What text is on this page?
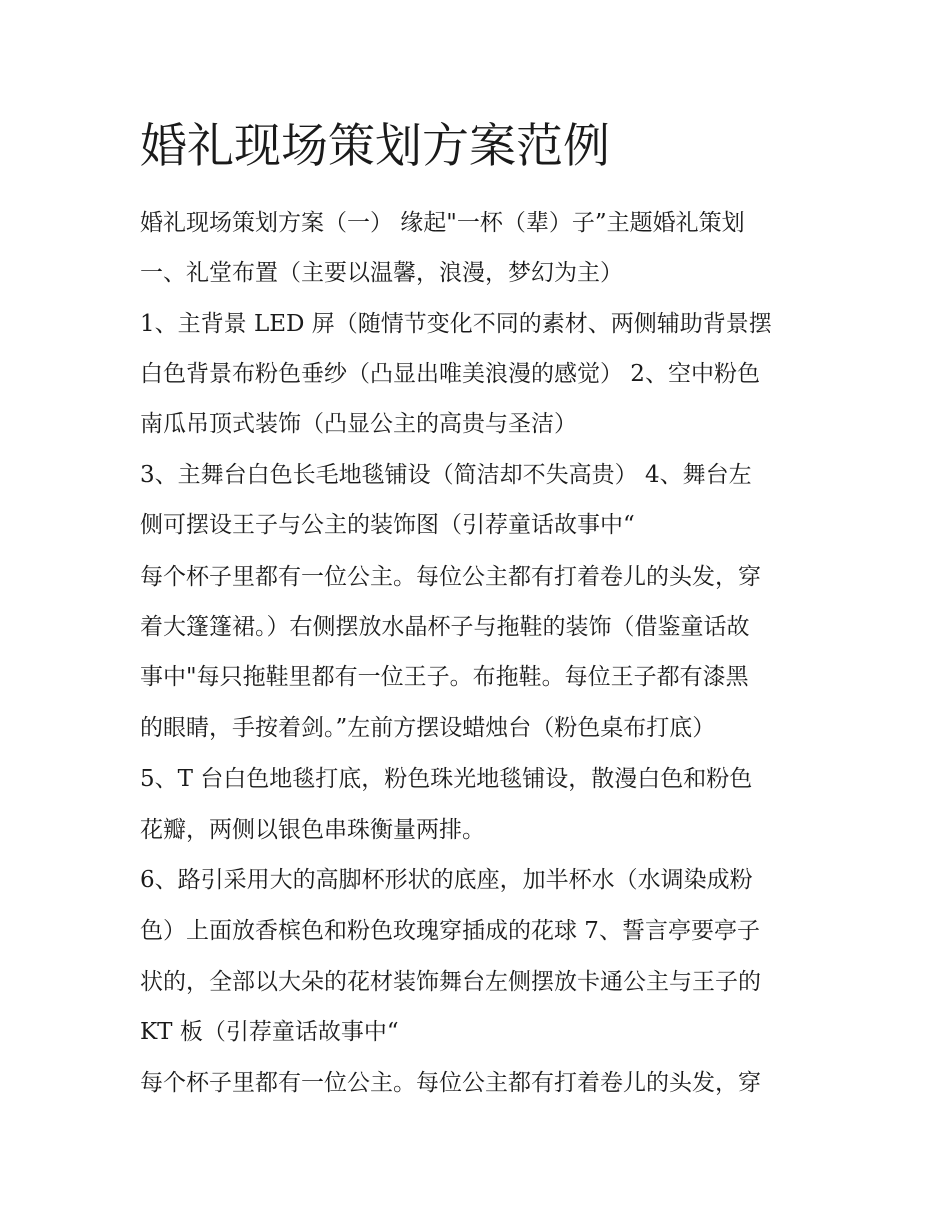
婚礼现场策划方案范例

婚礼现场策划方案（一） 缘起"一杯（辈）子”主题婚礼策划

一、礼堂布置（主要以温馨，浪漫，梦幻为主）

1、主背景 LED 屏（随情节变化不同的素材、两侧辅助背景摆

白色背景布粉色垂纱（凸显出唯美浪漫的感觉） 2、空中粉色

南瓜吊顶式装饰（凸显公主的高贵与圣洁）

3、主舞台白色长毛地毯铺设（简洁却不失高贵） 4、舞台左

侧可摆设王子与公主的装饰图（引荐童话故事中“

每个杯子里都有一位公主。每位公主都有打着卷儿的头发，穿

着大篷篷裙。）右侧摆放水晶杯子与拖鞋的装饰（借鉴童话故

事中"每只拖鞋里都有一位王子。布拖鞋。每位王子都有漆黑

的眼睛，手按着剑。”左前方摆设蜡烛台（粉色桌布打底）

5、T 台白色地毯打底，粉色珠光地毯铺设，散漫白色和粉色

花瓣，两侧以银色串珠衡量两排。

6、路引采用大的高脚杯形状的底座，加半杯水（水调染成粉

色）上面放香槟色和粉色玫瑰穿插成的花球 7、誓言亭要亭子

状的，全部以大朵的花材装饰舞台左侧摆放卡通公主与王子的

KT 板（引荐童话故事中“

每个杯子里都有一位公主。每位公主都有打着卷儿的头发，穿
